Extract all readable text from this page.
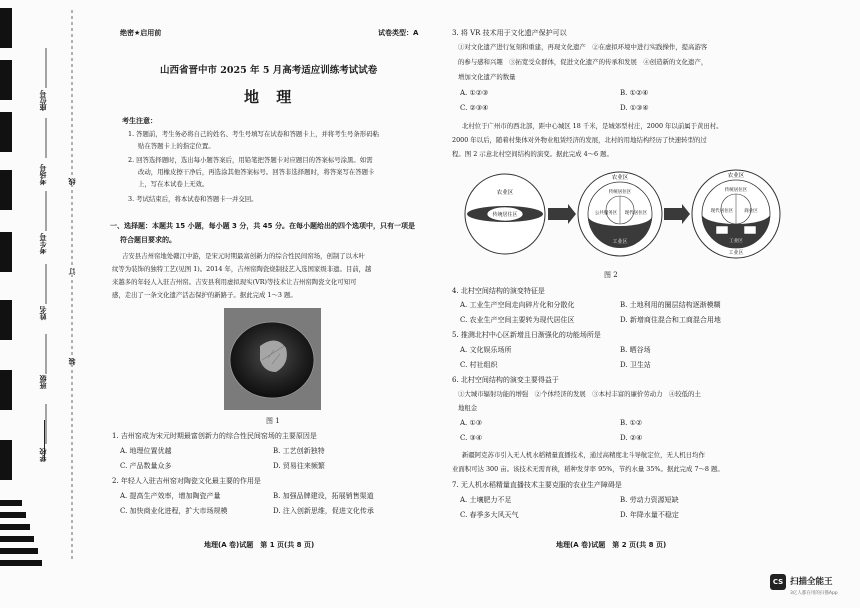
学校
班级
姓名
考生号
考场号
座位号
订
线
装
绝密★启用前	试卷类型：A
山西省晋中市 2025 年 5 月高考适应训练考试试卷
地 理
考生注意：
1. 答题前，考生务必将自己的姓名、考生号填写在试卷和答题卡上，并将考生号条形码粘
贴在答题卡上的指定位置。
2. 回答选择题时，选出每小题答案后，用铅笔把答题卡对应题目的答案标号涂黑。如需
改动，用橡皮擦干净后，再选涂其他答案标号。回答非选择题时，将答案写在答题卡
上，写在本试卷上无效。
3. 考试结束后，将本试卷和答题卡一并交回。
一、选择题：本题共 15 小题，每小题 3 分，共 45 分。在每小题给出的四个选项中，只有一项是
符合题目要求的。
吉安县吉州窑地处赣江中游，是宋元时期最富创新力的综合性民间窑场，创制了以木叶
纹等为装饰的独特工艺(见图 1)。2014 年，吉州窑陶瓷烧制技艺入选国家级非遗。目前，越
来越多的年轻人入驻吉州窑。吉安县利用虚拟现实(VR)等技术让吉州窑陶瓷文化可知可
感，走出了一条文化遗产活态保护的新路子。据此完成 1～3 题。
图 1
1. 吉州窑成为宋元时期最富创新力的综合性民间窑场的主要原因是
A. 地理位置优越	B. 工艺创新独特
C. 产品数量众多	D. 贸易往来频繁
2. 年轻人入驻吉州窑对陶瓷文化最主要的作用是
A. 提高生产效率，增加陶瓷产量	B. 加强品牌建设，拓展销售渠道
C. 加快商业化进程，扩大市场规模	D. 注入创新思维，促进文化传承
地理(A 卷)试题　第 1 页(共 8 页)
3. 将 VR 技术用于文化遗产保护可以
①对文化遗产进行复刻和重建，再现文化遗产　②在虚拟环境中进行实践操作，提高游客
的参与感和兴趣　③拓宽受众群体，促进文化遗产的传承和发展　④创造新的文化遗产，
增加文化遗产的数量
A. ①②③	B. ①②④
C. ②③④	D. ①③④
北村位于广州市的西北部，距中心城区 18 千米，是城郊型村庄，2000 年以前属于黄田村。
2000 年以后，随着村集体对外物业租赁经济的发展，北村的用地结构经历了快速转型的过
程。图 2 示意北村空间结构的演变。据此完成 4～6 题。
农业区
传统居住区
农业区
工业区
传统居住区
公共服务区 现代居住区
农业区
工业区
传统居住区
现代居住区 商业区
工业区
图 2
4. 北村空间结构的演变特征是
A. 工业生产空间走向碎片化和分散化	B. 土地利用的圈层结构逐渐模糊
C. 农业生产空间主要转为现代居住区	D. 新增商住混合和工商混合用地
5. 推测北村中心区新增且日渐强化的功能场所是
A. 文化娱乐场所	B. 晒谷场
C. 村社组织	D. 卫生站
6. 北村空间结构的演变主要得益于
①大城市辐射功能的增强　②个体经济的发展　③本村丰富的廉价劳动力　④较低的土
地租金
A. ①③	B. ①②
C. ③④	D. ②④
新疆阿克苏市引入无人机水稻精量直播技术，通过高精度北斗导航定位，无人机日均作
业面积可达 300 亩。该技术无需育秧，稻种发芽率 95%，节约水量 35%。据此完成 7～8 题。
7. 无人机水稻精量直播技术主要克服的农业生产障碍是
A. 土壤肥力不足	B. 劳动力资源短缺
C. 春季多大风天气	D. 年降水量不稳定
地理(A 卷)试题　第 2 页(共 8 页)
CS 扫描全能王
3亿人都在用的扫描App
